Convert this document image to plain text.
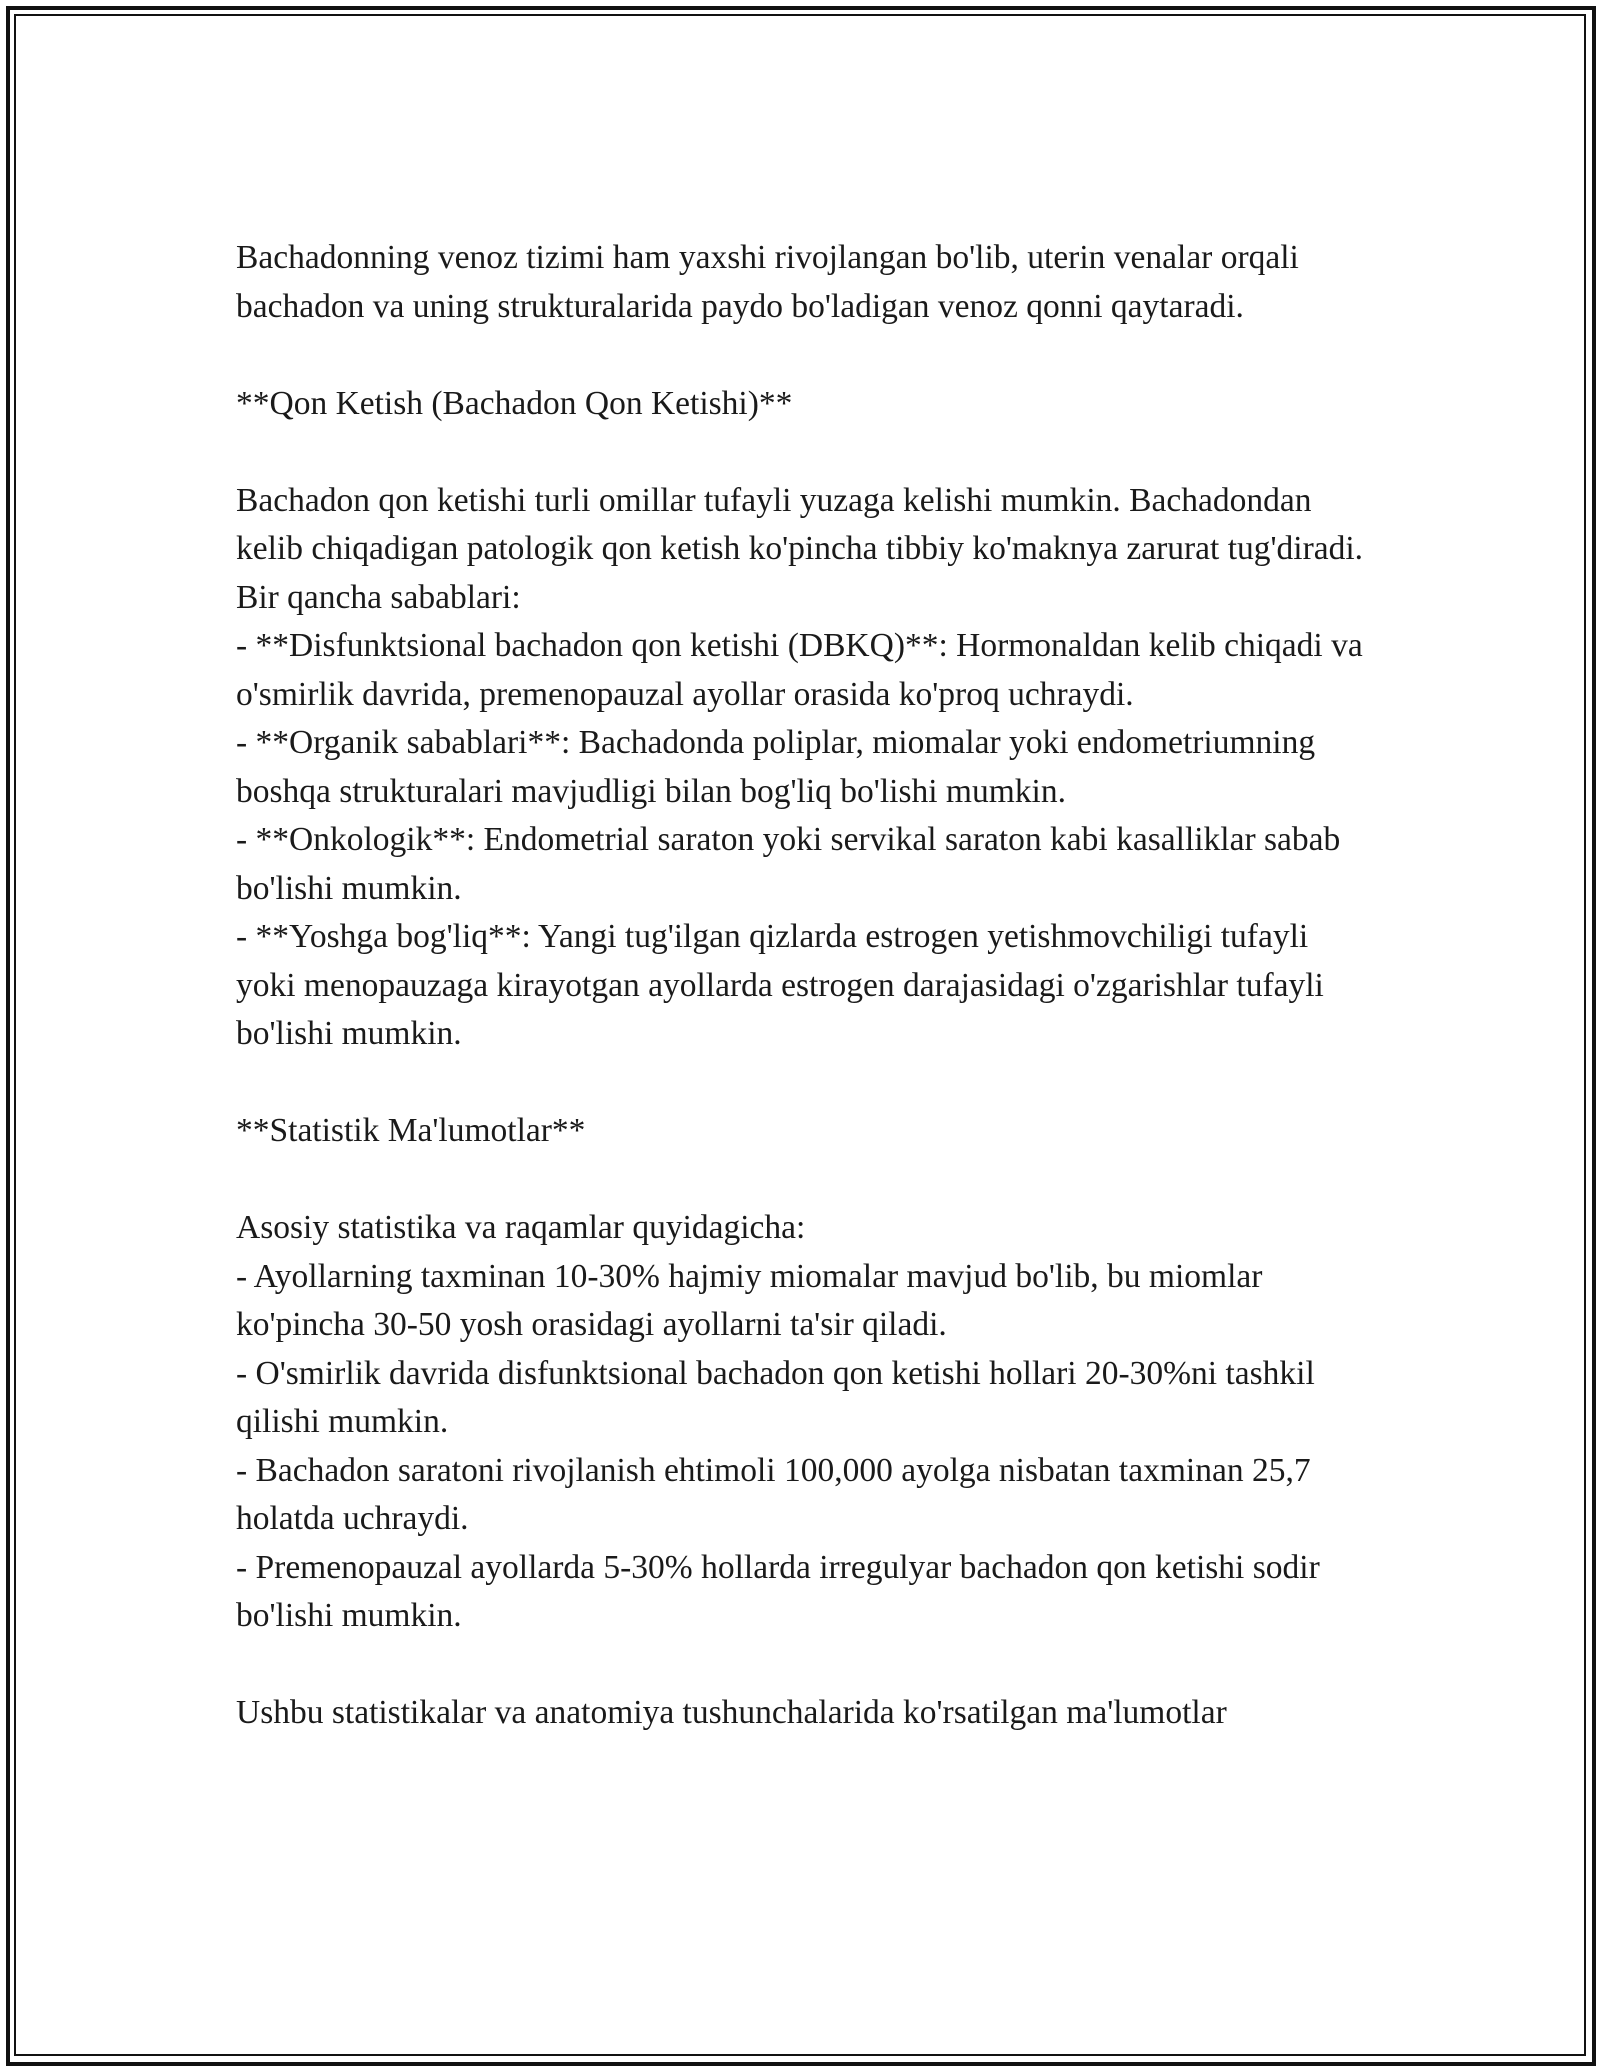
Bachadonning venoz tizimi ham yaxshi rivojlangan bo'lib, uterin venalar orqali bachadon va uning strukturalarida paydo bo'ladigan venoz qonni qaytaradi.

**Qon Ketish (Bachadon Qon Ketishi)**

Bachadon qon ketishi turli omillar tufayli yuzaga kelishi mumkin. Bachadondan kelib chiqadigan patologik qon ketish ko'pincha tibbiy ko'maknya zarurat tug'diradi. Bir qancha sabablari:

- **Disfunktsional bachadon qon ketishi (DBKQ)**: Hormonaldan kelib chiqadi va o'smirlik davrida, premenopauzal ayollar orasida ko'proq uchraydi.

- **Organik sabablari**: Bachadonda poliplar, miomalar yoki endometriumning boshqa strukturalari mavjudligi bilan bog'liq bo'lishi mumkin.

- **Onkologik**: Endometrial saraton yoki servikal saraton kabi kasalliklar sabab bo'lishi mumkin.

- **Yoshga bog'liq**: Yangi tug'ilgan qizlarda estrogen yetishmovchiligi tufayli yoki menopauzaga kirayotgan ayollarda estrogen darajasidagi o'zgarishlar tufayli bo'lishi mumkin.

**Statistik Ma'lumotlar**

Asosiy statistika va raqamlar quyidagicha:

- Ayollarning taxminan 10-30% hajmiy miomalar mavjud bo'lib, bu miomlar ko'pincha 30-50 yosh orasidagi ayollarni ta'sir qiladi.

- O'smirlik davrida disfunktsional bachadon qon ketishi hollari 20-30%ni tashkil qilishi mumkin.

- Bachadon saratoni rivojlanish ehtimoli 100,000 ayolga nisbatan taxminan 25,7 holatda uchraydi.

- Premenopauzal ayollarda 5-30% hollarda irregulyar bachadon qon ketishi sodir bo'lishi mumkin.

Ushbu statistikalar va anatomiya tushunchalarida ko'rsatilgan ma'lumotlar
